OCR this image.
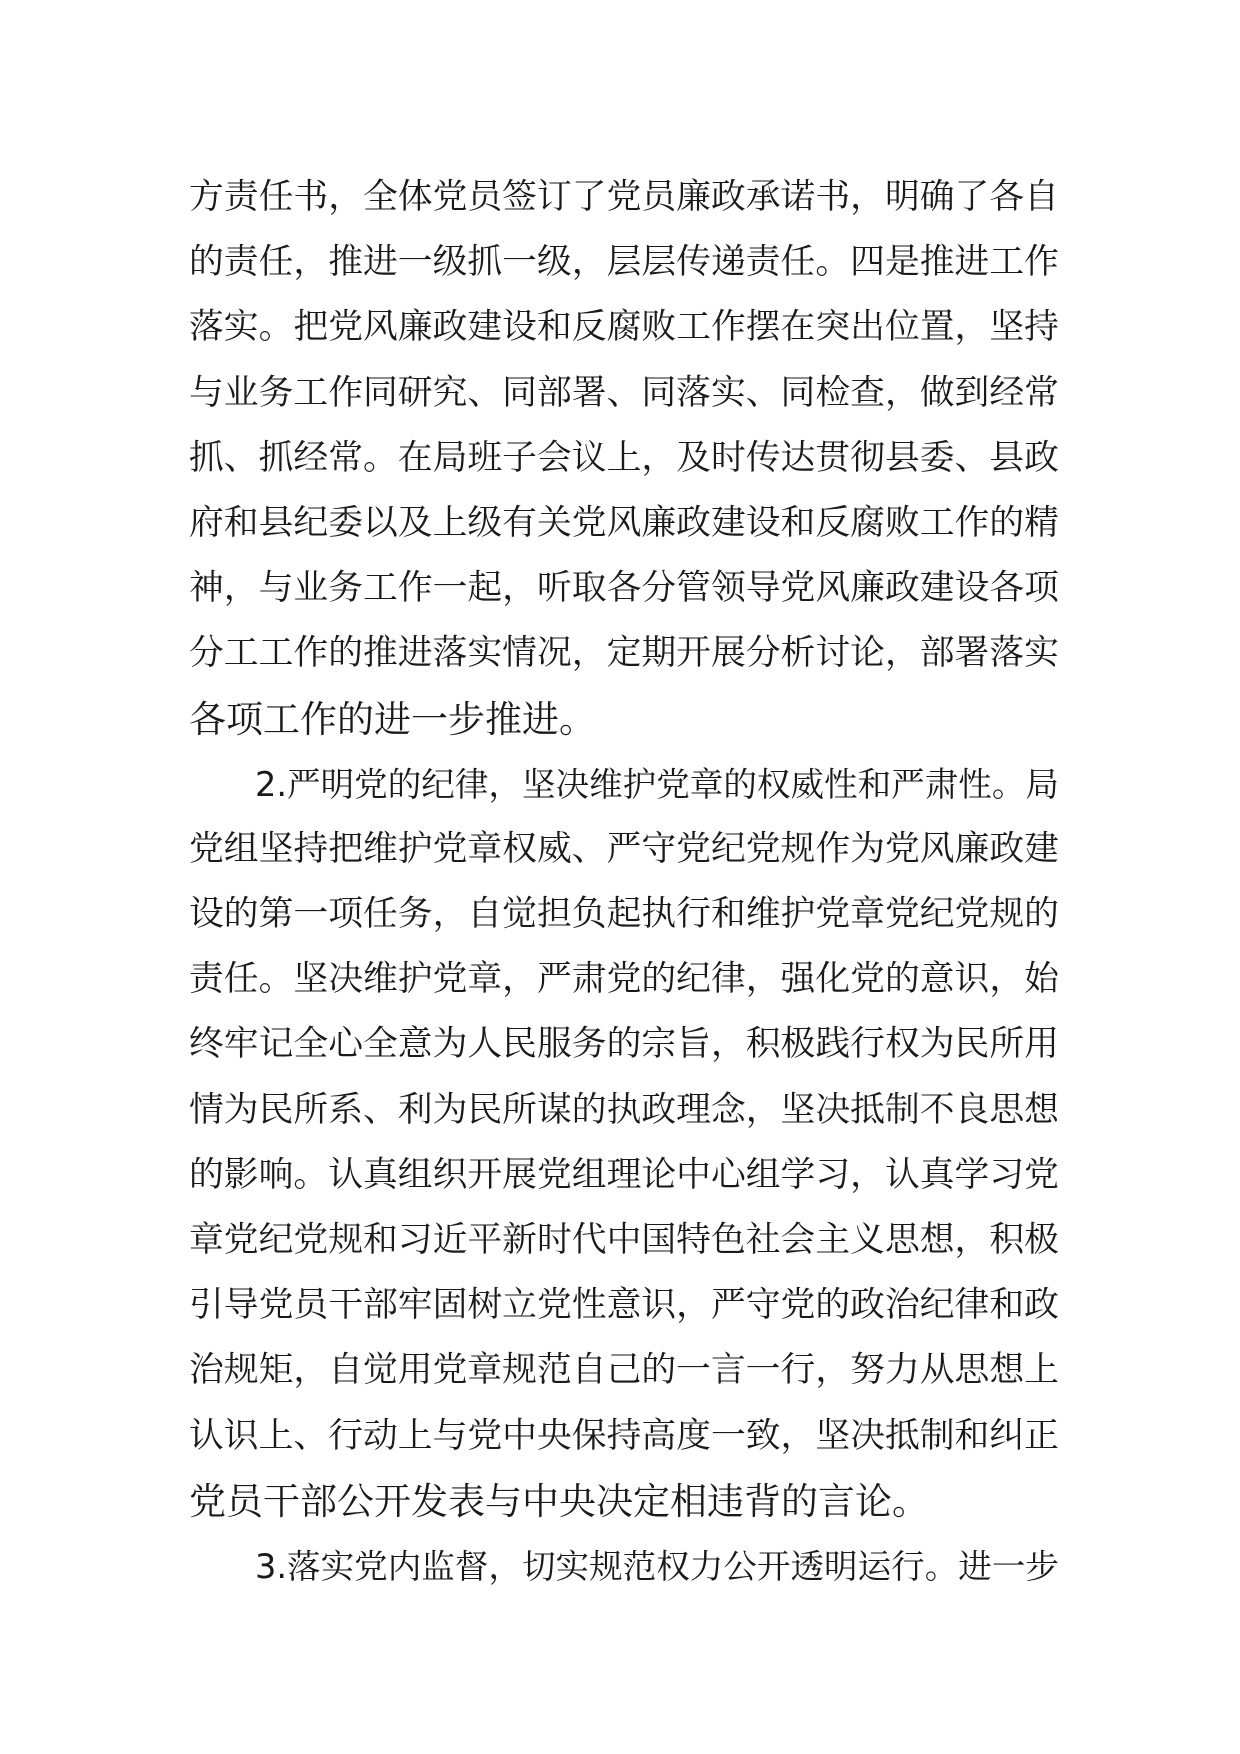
方责任书，全体党员签订了党员廉政承诺书，明确了各自
的责任，推进一级抓一级，层层传递责任。四是推进工作
落实。把党风廉政建设和反腐败工作摆在突出位置，坚持
与业务工作同研究、同部署、同落实、同检查，做到经常
抓、抓经常。在局班子会议上，及时传达贯彻县委、县政
府和县纪委以及上级有关党风廉政建设和反腐败工作的精
神，与业务工作一起，听取各分管领导党风廉政建设各项
分工工作的推进落实情况，定期开展分析讨论，部署落实
各项工作的进一步推进。
2.严明党的纪律，坚决维护党章的权威性和严肃性。局
党组坚持把维护党章权威、严守党纪党规作为党风廉政建
设的第一项任务，自觉担负起执行和维护党章党纪党规的
责任。坚决维护党章，严肃党的纪律，强化党的意识，始
终牢记全心全意为人民服务的宗旨，积极践行权为民所用
情为民所系、利为民所谋的执政理念，坚决抵制不良思想
的影响。认真组织开展党组理论中心组学习，认真学习党
章党纪党规和习近平新时代中国特色社会主义思想，积极
引导党员干部牢固树立党性意识，严守党的政治纪律和政
治规矩，自觉用党章规范自己的一言一行，努力从思想上
认识上、行动上与党中央保持高度一致，坚决抵制和纠正
党员干部公开发表与中央决定相违背的言论。
3.落实党内监督，切实规范权力公开透明运行。进一步
